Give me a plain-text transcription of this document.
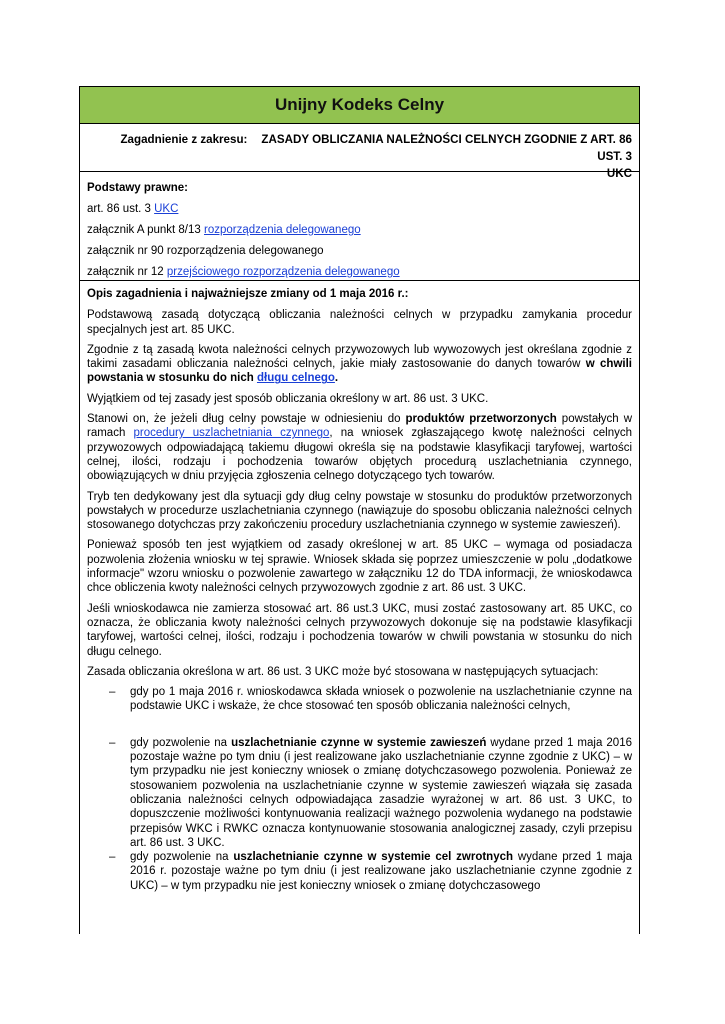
Unijny Kodeks Celny
Zagadnienie z zakresu: ZASADY OBLICZANIA NALEŻNOŚCI CELNYCH ZGODNIE Z ART. 86 UST. 3
UKC
Podstawy prawne:
art. 86 ust. 3 UKC
załącznik A punkt 8/13 rozporządzenia delegowanego
załącznik nr 90 rozporządzenia delegowanego
załącznik nr 12 przejściowego rozporządzenia delegowanego

Opis zagadnienia i najważniejsze zmiany od 1 maja 2016 r.:

Podstawową zasadą dotyczącą obliczania należności celnych w przypadku zamykania procedur specjalnych jest art. 85 UKC.

Zgodnie z tą zasadą kwota należności celnych przywozowych lub wywozowych jest określana zgodnie z takimi zasadami obliczania należności celnych, jakie miały zastosowanie do danych towarów w chwili powstania w stosunku do nich długu celnego.

Wyjątkiem od tej zasady jest sposób obliczania określony w art. 86 ust. 3 UKC.

Stanowi on, że jeżeli dług celny powstaje w odniesieniu do produktów przetworzonych powstałych w ramach procedury uszlachetniania czynnego, na wniosek zgłaszającego kwotę należności celnych przywozowych odpowiadającą takiemu długowi określa się na podstawie klasyfikacji taryfowej, wartości celnej, ilości, rodzaju i pochodzenia towarów objętych procedurą uszlachetniania czynnego, obowiązujących w dniu przyjęcia zgłoszenia celnego dotyczącego tych towarów.

Tryb ten dedykowany jest dla sytuacji gdy dług celny powstaje w stosunku do produktów przetworzonych powstałych w procedurze uszlachetniania czynnego (nawiązuje do sposobu obliczania należności celnych stosowanego dotychczas przy zakończeniu procedury uszlachetniania czynnego w systemie zawieszeń).

Ponieważ sposób ten jest wyjątkiem od zasady określonej w art. 85 UKC – wymaga od posiadacza pozwolenia złożenia wniosku w tej sprawie. Wniosek składa się poprzez umieszczenie w polu „dodatkowe informacje" wzoru wniosku o pozwolenie zawartego w załączniku 12 do TDA informacji, że wnioskodawca chce obliczenia kwoty należności celnych przywozowych zgodnie z art. 86 ust. 3 UKC.

Jeśli wnioskodawca nie zamierza stosować art. 86 ust.3 UKC, musi zostać zastosowany art. 85 UKC, co oznacza, że obliczania kwoty należności celnych przywozowych dokonuje się na podstawie klasyfikacji taryfowej, wartości celnej, ilości, rodzaju i pochodzenia towarów w chwili powstania w stosunku do nich długu celnego.

Zasada obliczania określona w art. 86 ust. 3 UKC może być stosowana w następujących sytuacjach:

– gdy po 1 maja 2016 r. wnioskodawca składa wniosek o pozwolenie na uszlachetnianie czynne na podstawie UKC i wskaże, że chce stosować ten sposób obliczania należności celnych,
– gdy pozwolenie na uszlachetnianie czynne w systemie zawieszeń wydane przed 1 maja 2016 pozostaje ważne po tym dniu (i jest realizowane jako uszlachetnianie czynne zgodnie z UKC) – w tym przypadku nie jest konieczny wniosek o zmianę dotychczasowego pozwolenia. Ponieważ ze stosowaniem pozwolenia na uszlachetnianie czynne w systemie zawieszeń wiązała się zasada obliczania należności celnych odpowiadająca zasadzie wyrażonej w art. 86 ust. 3 UKC, to dopuszczenie możliwości kontynuowania realizacji ważnego pozwolenia wydanego na podstawie przepisów WKC i RWKC oznacza kontynuowanie stosowania analogicznej zasady, czyli przepisu art. 86 ust. 3 UKC.
– gdy pozwolenie na uszlachetnianie czynne w systemie cel zwrotnych wydane przed 1 maja 2016 r. pozostaje ważne po tym dniu (i jest realizowane jako uszlachetnianie czynne zgodnie z UKC) – w tym przypadku nie jest konieczny wniosek o zmianę dotychczasowego
